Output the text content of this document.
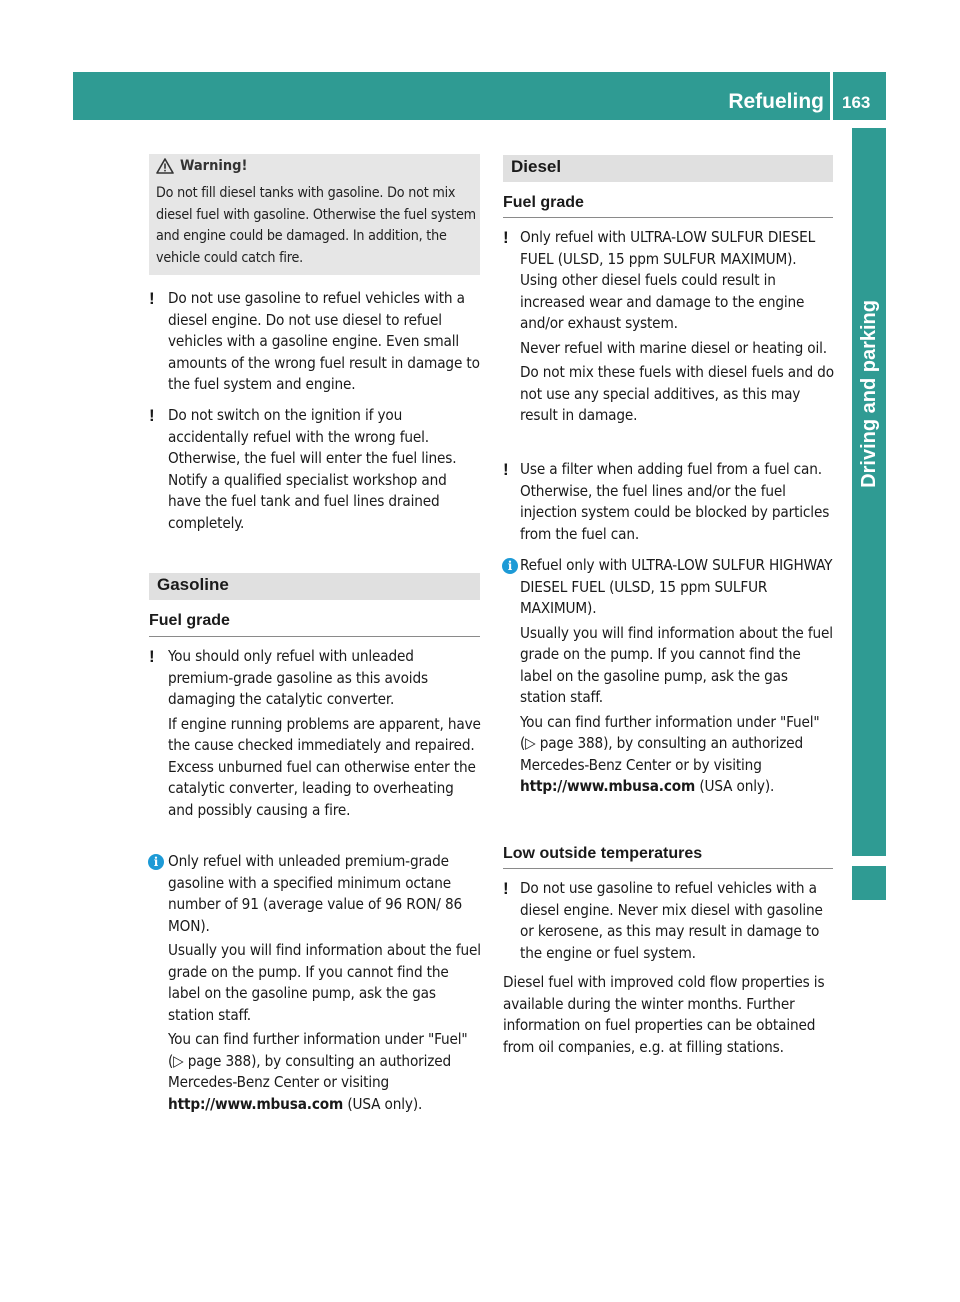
Refueling 163
Driving and parking
Warning!
Do not fill diesel tanks with gasoline. Do not mix diesel fuel with gasoline. Otherwise the fuel system and engine could be damaged. In addition, the vehicle could catch fire.
! Do not use gasoline to refuel vehicles with a diesel engine. Do not use diesel to refuel vehicles with a gasoline engine. Even small amounts of the wrong fuel result in damage to the fuel system and engine.

! Do not switch on the ignition if you accidentally refuel with the wrong fuel. Otherwise, the fuel will enter the fuel lines. Notify a qualified specialist workshop and have the fuel tank and fuel lines drained completely.

Gasoline
Fuel grade
! You should only refuel with unleaded premium-grade gasoline as this avoids damaging the catalytic converter.

If engine running problems are apparent, have the cause checked immediately and repaired. Excess unburned fuel can otherwise enter the catalytic converter, leading to overheating and possibly causing a fire.

i Only refuel with unleaded premium-grade gasoline with a specified minimum octane number of 91 (average value of 96 RON/ 86 MON).

Usually you will find information about the fuel grade on the pump. If you cannot find the label on the gasoline pump, ask the gas station staff.

You can find further information under "Fuel" (▷ page 388), by consulting an authorized Mercedes-Benz Center or visiting http://www.mbusa.com (USA only).

Diesel
Fuel grade
! Only refuel with ULTRA-LOW SULFUR DIESEL FUEL (ULSD, 15 ppm SULFUR MAXIMUM). Using other diesel fuels could result in increased wear and damage to the engine and/or exhaust system.

Never refuel with marine diesel or heating oil.

Do not mix these fuels with diesel fuels and do not use any special additives, as this may result in damage.

! Use a filter when adding fuel from a fuel can. Otherwise, the fuel lines and/or the fuel injection system could be blocked by particles from the fuel can.

i Refuel only with ULTRA-LOW SULFUR HIGHWAY DIESEL FUEL (ULSD, 15 ppm SULFUR MAXIMUM).

Usually you will find information about the fuel grade on the pump. If you cannot find the label on the gasoline pump, ask the gas station staff.

You can find further information under "Fuel" (▷ page 388), by consulting an authorized Mercedes-Benz Center or by visiting http://www.mbusa.com (USA only).

Low outside temperatures
! Do not use gasoline to refuel vehicles with a diesel engine. Never mix diesel with gasoline or kerosene, as this may result in damage to the engine or fuel system.

Diesel fuel with improved cold flow properties is available during the winter months. Further information on fuel properties can be obtained from oil companies, e.g. at filling stations.
